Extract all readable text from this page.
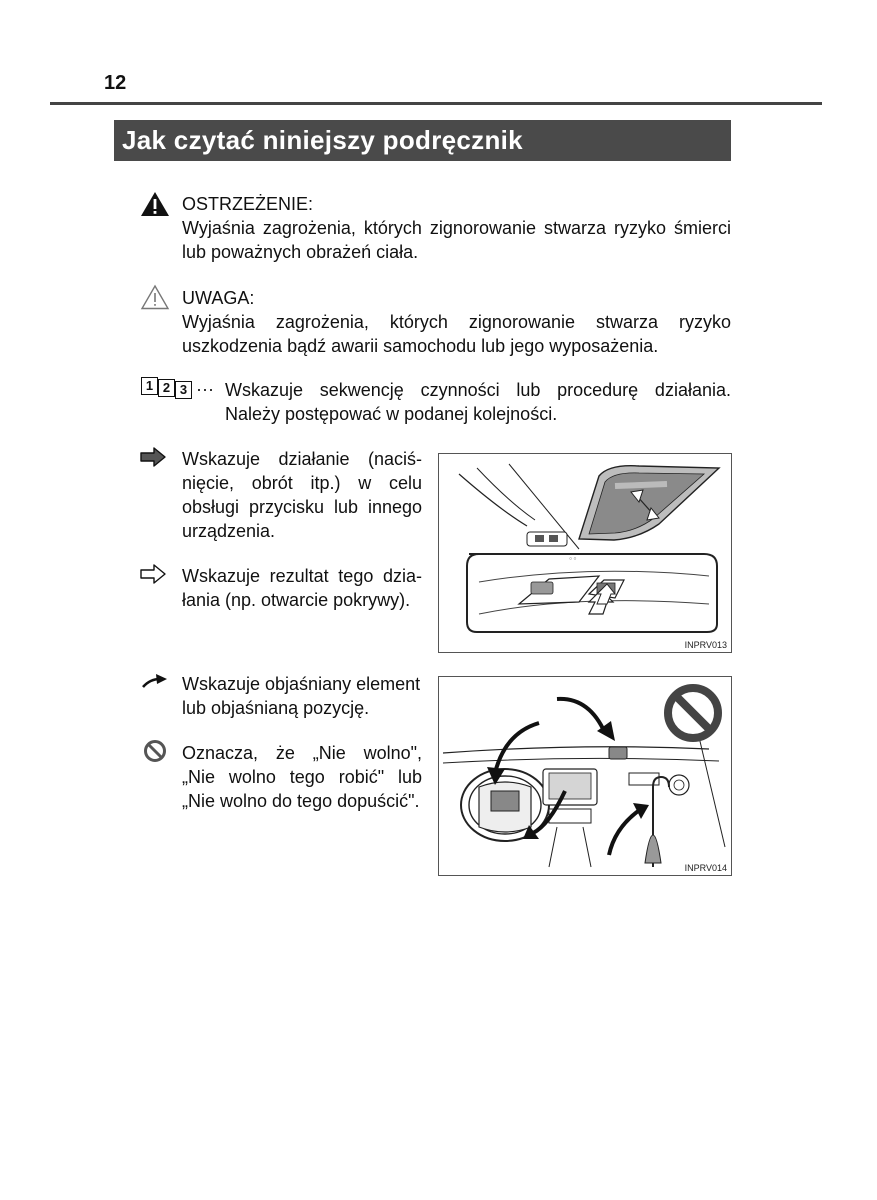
12
Jak czytać niniejszy podręcznik
OSTRZEŻENIE:
Wyjaśnia zagrożenia, których zignorowanie stwarza ryzyko śmierci
lub poważnych obrażeń ciała.
UWAGA:
Wyjaśnia zagrożenia, których zignorowanie stwarza ryzyko
uszkodzenia bądź awarii samochodu lub jego wyposażenia.
1 2 3 ··· Wskazuje sekwencję czynności lub procedurę działania.
Należy postępować w podanej kolejności.
Wskazuje działanie (naciś-
nięcie, obrót itp.) w celu
obsługi przycisku lub innego
urządzenia.
Wskazuje rezultat tego dzia-
łania (np. otwarcie pokrywy).
Wskazuje objaśniany element
lub objaśnianą pozycję.
Oznacza, że „Nie wolno",
„Nie wolno tego robić" lub
„Nie wolno do tego dopuścić".
○ ○
INPRV013
INPRV014
